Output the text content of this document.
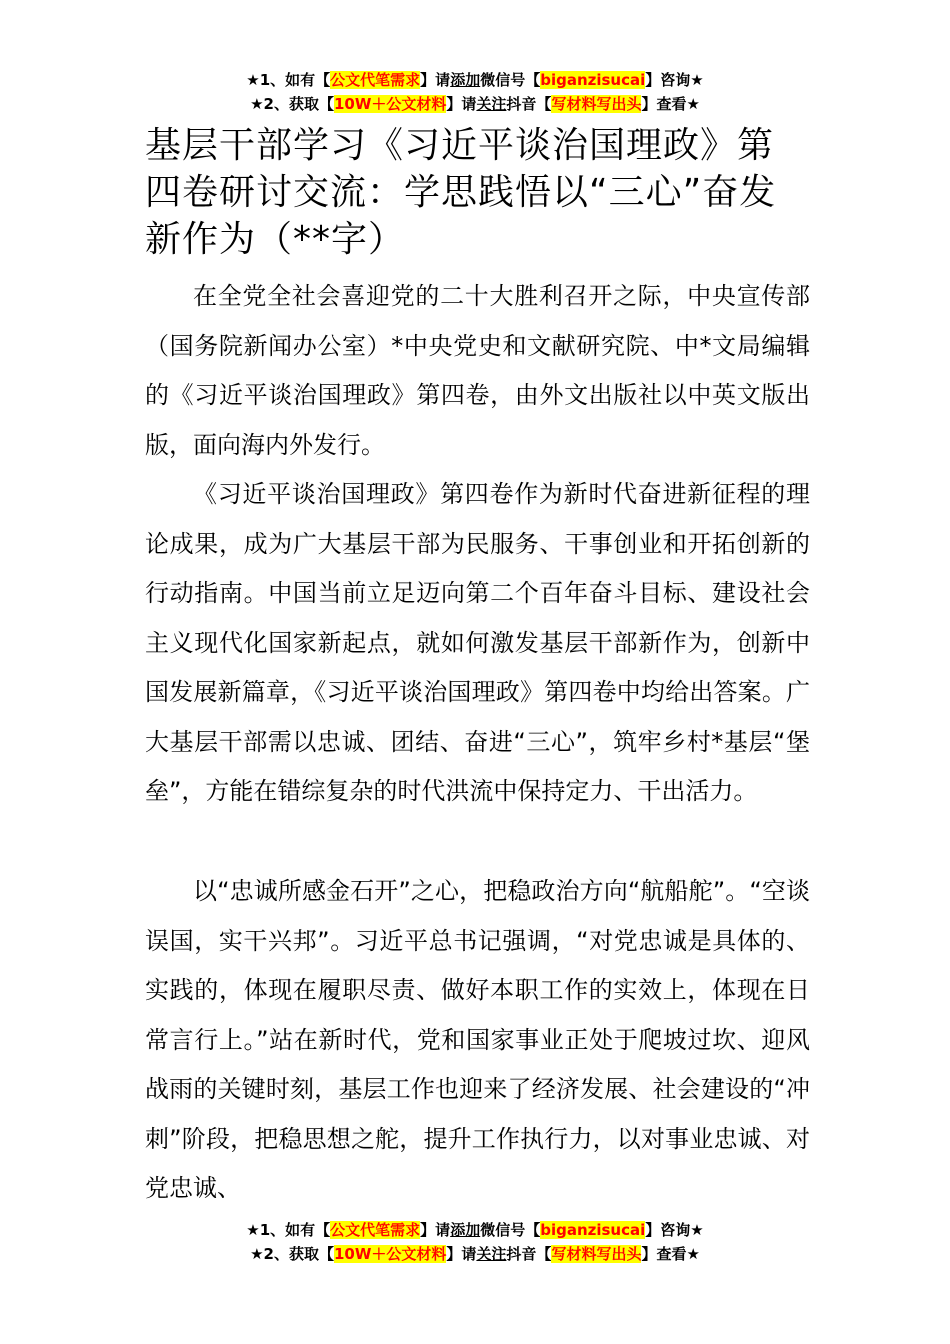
★1、如有【公文代笔需求】请添加微信号【biganzisucai】咨询★
★2、获取【10W＋公文材料】请关注抖音【写材料写出头】查看★
基层干部学习《习近平谈治国理政》第四卷研讨交流：学思践悟以“三心”奋发新作为（**字）

在全党全社会喜迎党的二十大胜利召开之际，中央宣传部（国务院新闻办公室）*中央党史和文献研究院、中*文局编辑的《习近平谈治国理政》第四卷，由外文出版社以中英文版出版，面向海内外发行。

《习近平谈治国理政》第四卷作为新时代奋进新征程的理论成果，成为广大基层干部为民服务、干事创业和开拓创新的行动指南。中国当前立足迈向第二个百年奋斗目标、建设社会主义现代化国家新起点，就如何激发基层干部新作为，创新中国发展新篇章，《习近平谈治国理政》第四卷中均给出答案。广大基层干部需以忠诚、团结、奋进“三心”，筑牢乡村*基层“堡垒”，方能在错综复杂的时代洪流中保持定力、干出活力。

以“忠诚所感金石开”之心，把稳政治方向“航船舵”。“空谈误国，实干兴邦”。习近平总书记强调，“对党忠诚是具体的、实践的，体现在履职尽责、做好本职工作的实效上，体现在日常言行上。”站在新时代，党和国家事业正处于爬坡过坎、迎风战雨的关键时刻，基层工作也迎来了经济发展、社会建设的“冲刺”阶段，把稳思想之舵，提升工作执行力，以对事业忠诚、对党忠诚、

★1、如有【公文代笔需求】请添加微信号【biganzisucai】咨询★
★2、获取【10W＋公文材料】请关注抖音【写材料写出头】查看★
